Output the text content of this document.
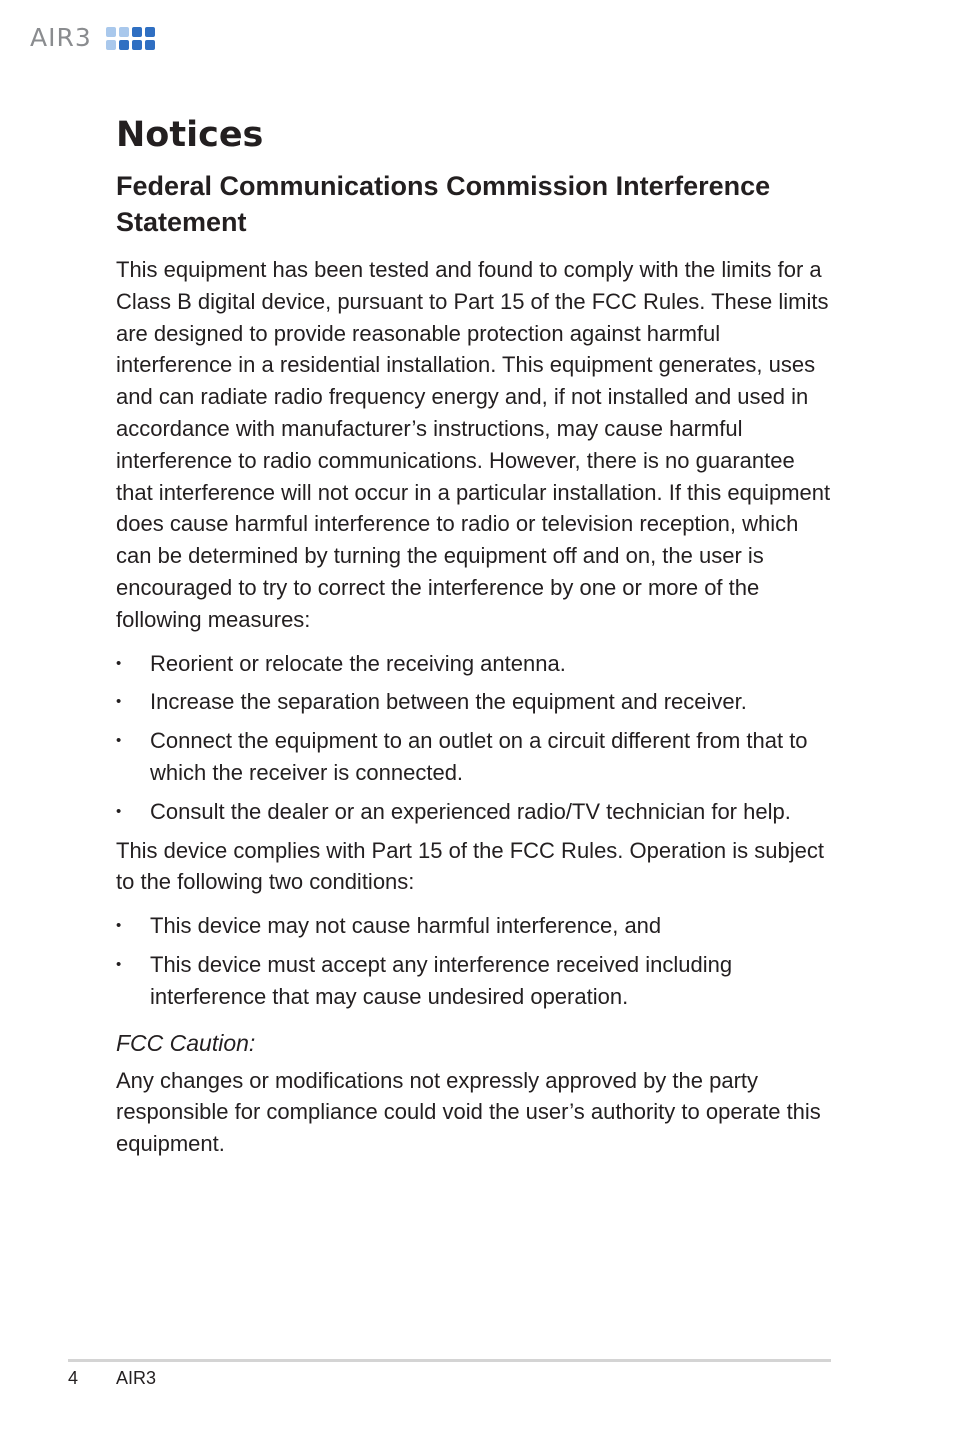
AIR3
Notices
Federal Communications Commission Interference Statement

This equipment has been tested and found to comply with the limits for a Class B digital device, pursuant to Part 15 of the FCC Rules. These limits are designed to provide reasonable protection against harmful interference in a residential installation. This equipment generates, uses and can radiate radio frequency energy and, if not installed and used in accordance with manufacturer’s instructions, may cause harmful interference to radio communications. However, there is no guarantee that interference will not occur in a particular installation. If this equipment does cause harmful interference to radio or television reception, which can be determined by turning the equipment off and on, the user is encouraged to try to correct the interference by one or more of the following measures:

• Reorient or relocate the receiving antenna.
• Increase the separation between the equipment and receiver.
• Connect the equipment to an outlet on a circuit different from that to which the receiver is connected.
• Consult the dealer or an experienced radio/TV technician for help.

This device complies with Part 15 of the FCC Rules. Operation is subject to the following two conditions:

• This device may not cause harmful interference, and
• This device must accept any interference received including interference that may cause undesired operation.

FCC Caution:

Any changes or modifications not expressly approved by the party responsible for compliance could void the user’s authority to operate this equipment.

4 AIR3
